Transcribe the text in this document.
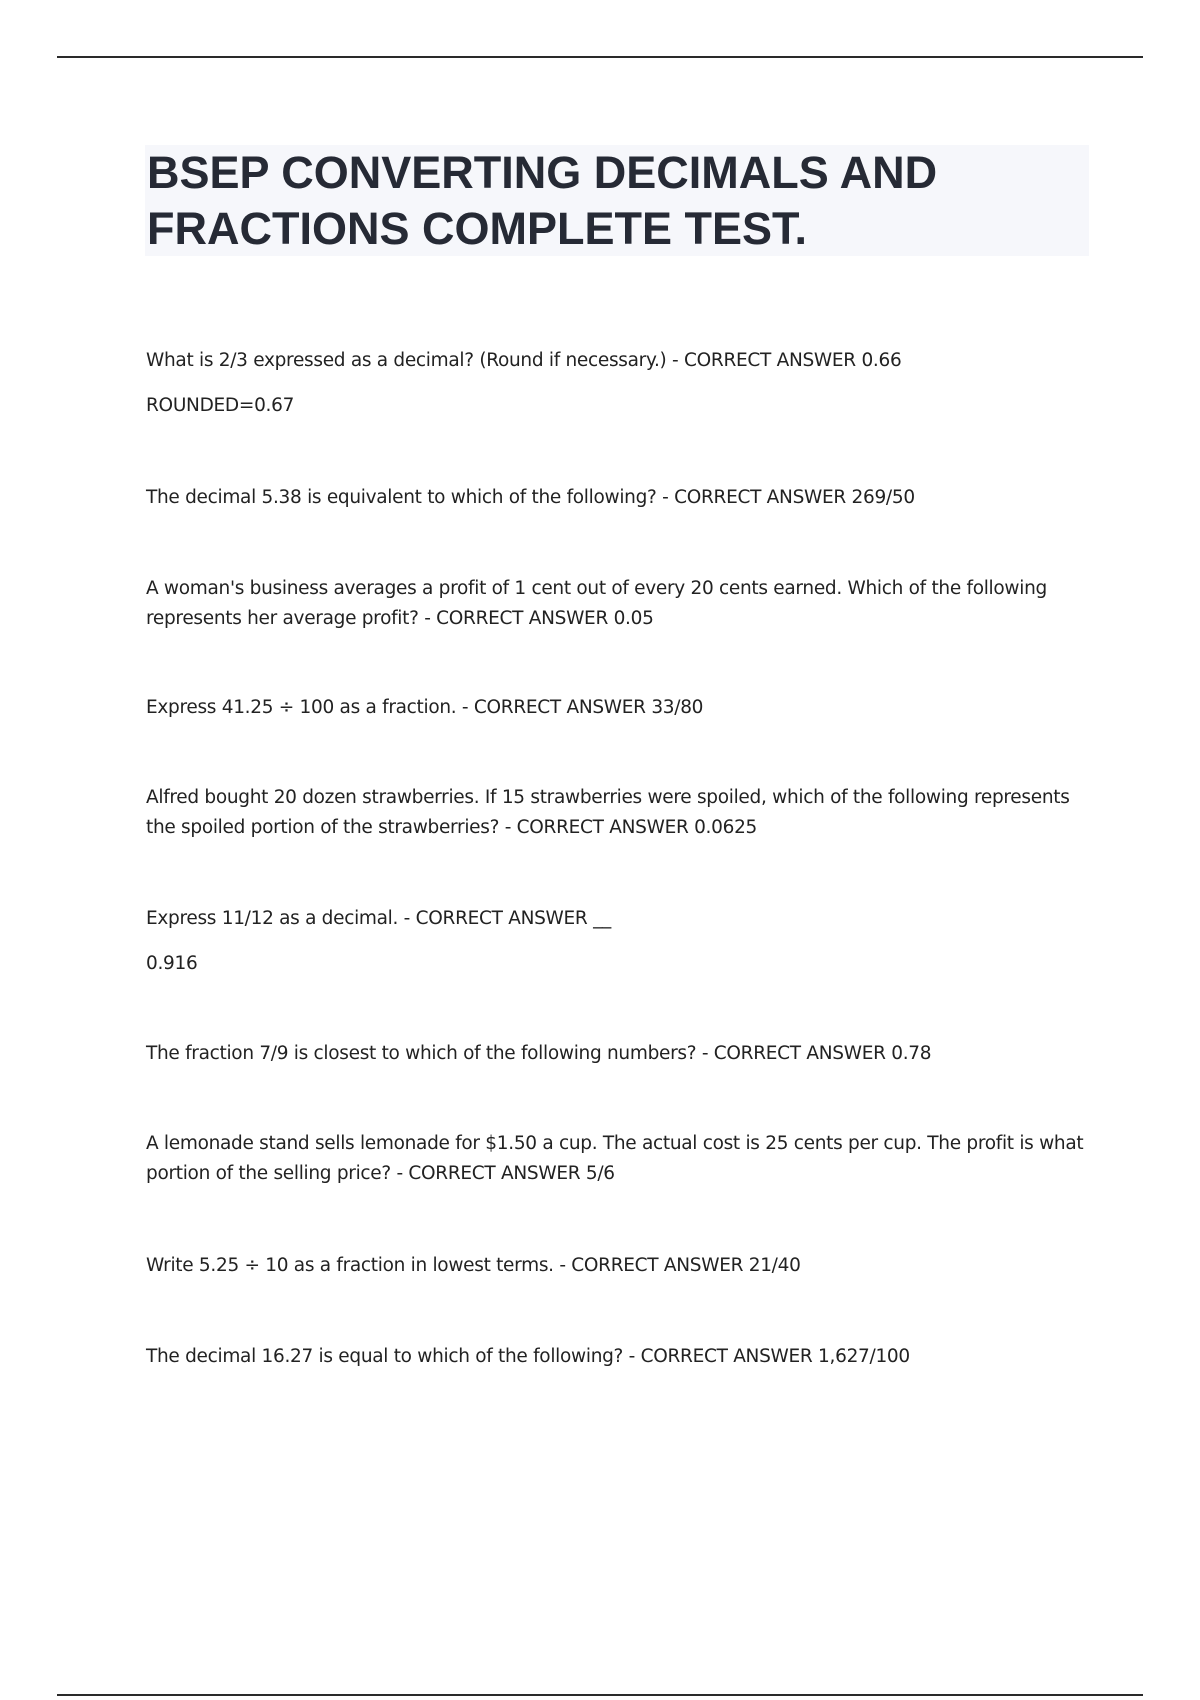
BSEP CONVERTING DECIMALS AND FRACTIONS COMPLETE TEST.

What is 2/3 expressed as a decimal? (Round if necessary.) - CORRECT ANSWER 0.66

ROUNDED=0.67

The decimal 5.38 is equivalent to which of the following? - CORRECT ANSWER 269/50

A woman's business averages a profit of 1 cent out of every 20 cents earned. Which of the following represents her average profit? - CORRECT ANSWER 0.05

Express 41.25 ÷ 100 as a fraction. - CORRECT ANSWER 33/80

Alfred bought 20 dozen strawberries. If 15 strawberries were spoiled, which of the following represents the spoiled portion of the strawberries? - CORRECT ANSWER 0.0625

Express 11/12 as a decimal. - CORRECT ANSWER __

0.916

The fraction 7/9 is closest to which of the following numbers? - CORRECT ANSWER 0.78

A lemonade stand sells lemonade for $1.50 a cup. The actual cost is 25 cents per cup. The profit is what portion of the selling price? - CORRECT ANSWER 5/6

Write 5.25 ÷ 10 as a fraction in lowest terms. - CORRECT ANSWER 21/40

The decimal 16.27 is equal to which of the following? - CORRECT ANSWER 1,627/100
